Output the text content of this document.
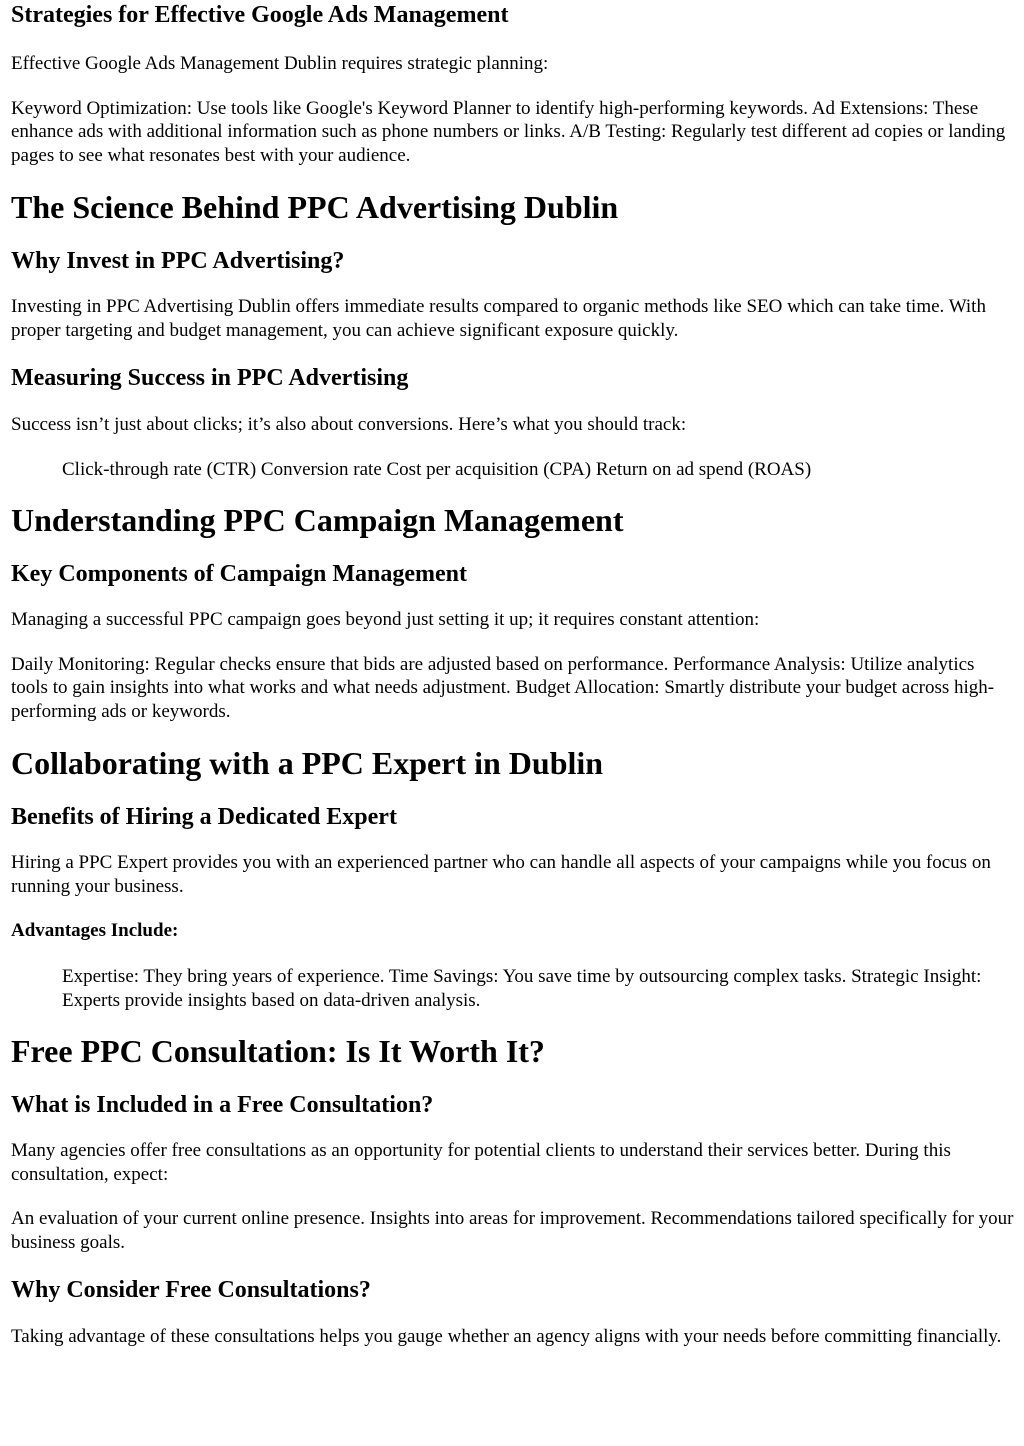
Strategies for Effective Google Ads Management

Effective Google Ads Management Dublin requires strategic planning:

Keyword Optimization: Use tools like Google's Keyword Planner to identify high-performing keywords. Ad Extensions: These enhance ads with additional information such as phone numbers or links. A/B Testing: Regularly test different ad copies or landing pages to see what resonates best with your audience.

The Science Behind PPC Advertising Dublin
Why Invest in PPC Advertising?

Investing in PPC Advertising Dublin offers immediate results compared to organic methods like SEO which can take time. With proper targeting and budget management, you can achieve significant exposure quickly.

Measuring Success in PPC Advertising

Success isn’t just about clicks; it’s also about conversions. Here’s what you should track:

Click-through rate (CTR) Conversion rate Cost per acquisition (CPA) Return on ad spend (ROAS)
Understanding PPC Campaign Management
Key Components of Campaign Management

Managing a successful PPC campaign goes beyond just setting it up; it requires constant attention:

Daily Monitoring: Regular checks ensure that bids are adjusted based on performance. Performance Analysis: Utilize analytics tools to gain insights into what works and what needs adjustment. Budget Allocation: Smartly distribute your budget across high-performing ads or keywords.

Collaborating with a PPC Expert in Dublin
Benefits of Hiring a Dedicated Expert

Hiring a PPC Expert provides you with an experienced partner who can handle all aspects of your campaigns while you focus on running your business.

Advantages Include:
Expertise: They bring years of experience. Time Savings: You save time by outsourcing complex tasks. Strategic Insight: Experts provide insights based on data-driven analysis.
Free PPC Consultation: Is It Worth It?
What is Included in a Free Consultation?

Many agencies offer free consultations as an opportunity for potential clients to understand their services better. During this consultation, expect:

An evaluation of your current online presence. Insights into areas for improvement. Recommendations tailored specifically for your business goals.

Why Consider Free Consultations?

Taking advantage of these consultations helps you gauge whether an agency aligns with your needs before committing financially.
